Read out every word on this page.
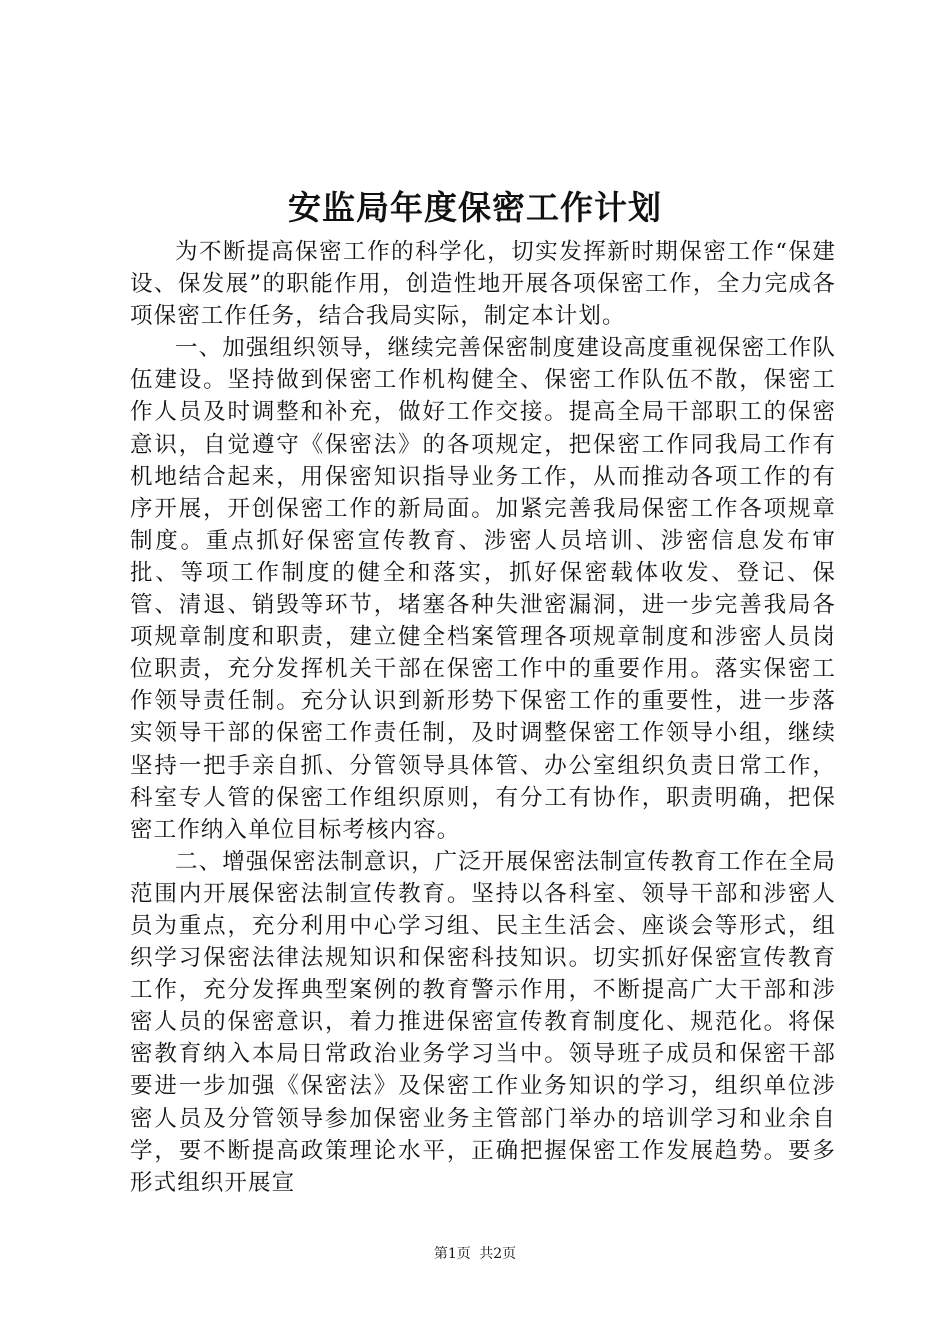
安监局年度保密工作计划

为不断提高保密工作的科学化，切实发挥新时期保密工作“保建设、保发展”的职能作用，创造性地开展各项保密工作，全力完成各项保密工作任务，结合我局实际，制定本计划。

一、加强组织领导，继续完善保密制度建设高度重视保密工作队伍建设。坚持做到保密工作机构健全、保密工作队伍不散，保密工作人员及时调整和补充，做好工作交接。提高全局干部职工的保密意识，自觉遵守《保密法》的各项规定，把保密工作同我局工作有机地结合起来，用保密知识指导业务工作，从而推动各项工作的有序开展，开创保密工作的新局面。加紧完善我局保密工作各项规章制度。重点抓好保密宣传教育、涉密人员培训、涉密信息发布审批、等项工作制度的健全和落实，抓好保密载体收发、登记、保管、清退、销毁等环节，堵塞各种失泄密漏洞，进一步完善我局各项规章制度和职责，建立健全档案管理各项规章制度和涉密人员岗位职责，充分发挥机关干部在保密工作中的重要作用。落实保密工作领导责任制。充分认识到新形势下保密工作的重要性，进一步落实领导干部的保密工作责任制，及时调整保密工作领导小组，继续坚持一把手亲自抓、分管领导具体管、办公室组织负责日常工作，科室专人管的保密工作组织原则，有分工有协作，职责明确，把保密工作纳入单位目标考核内容。

二、增强保密法制意识，广泛开展保密法制宣传教育工作在全局范围内开展保密法制宣传教育。坚持以各科室、领导干部和涉密人员为重点，充分利用中心学习组、民主生活会、座谈会等形式，组织学习保密法律法规知识和保密科技知识。切实抓好保密宣传教育工作，充分发挥典型案例的教育警示作用，不断提高广大干部和涉密人员的保密意识，着力推进保密宣传教育制度化、规范化。将保密教育纳入本局日常政治业务学习当中。领导班子成员和保密干部要进一步加强《保密法》及保密工作业务知识的学习，组织单位涉密人员及分管领导参加保密业务主管部门举办的培训学习和业余自学，要不断提高政策理论水平，正确把握保密工作发展趋势。要多形式组织开展宣

第1页 共2页
